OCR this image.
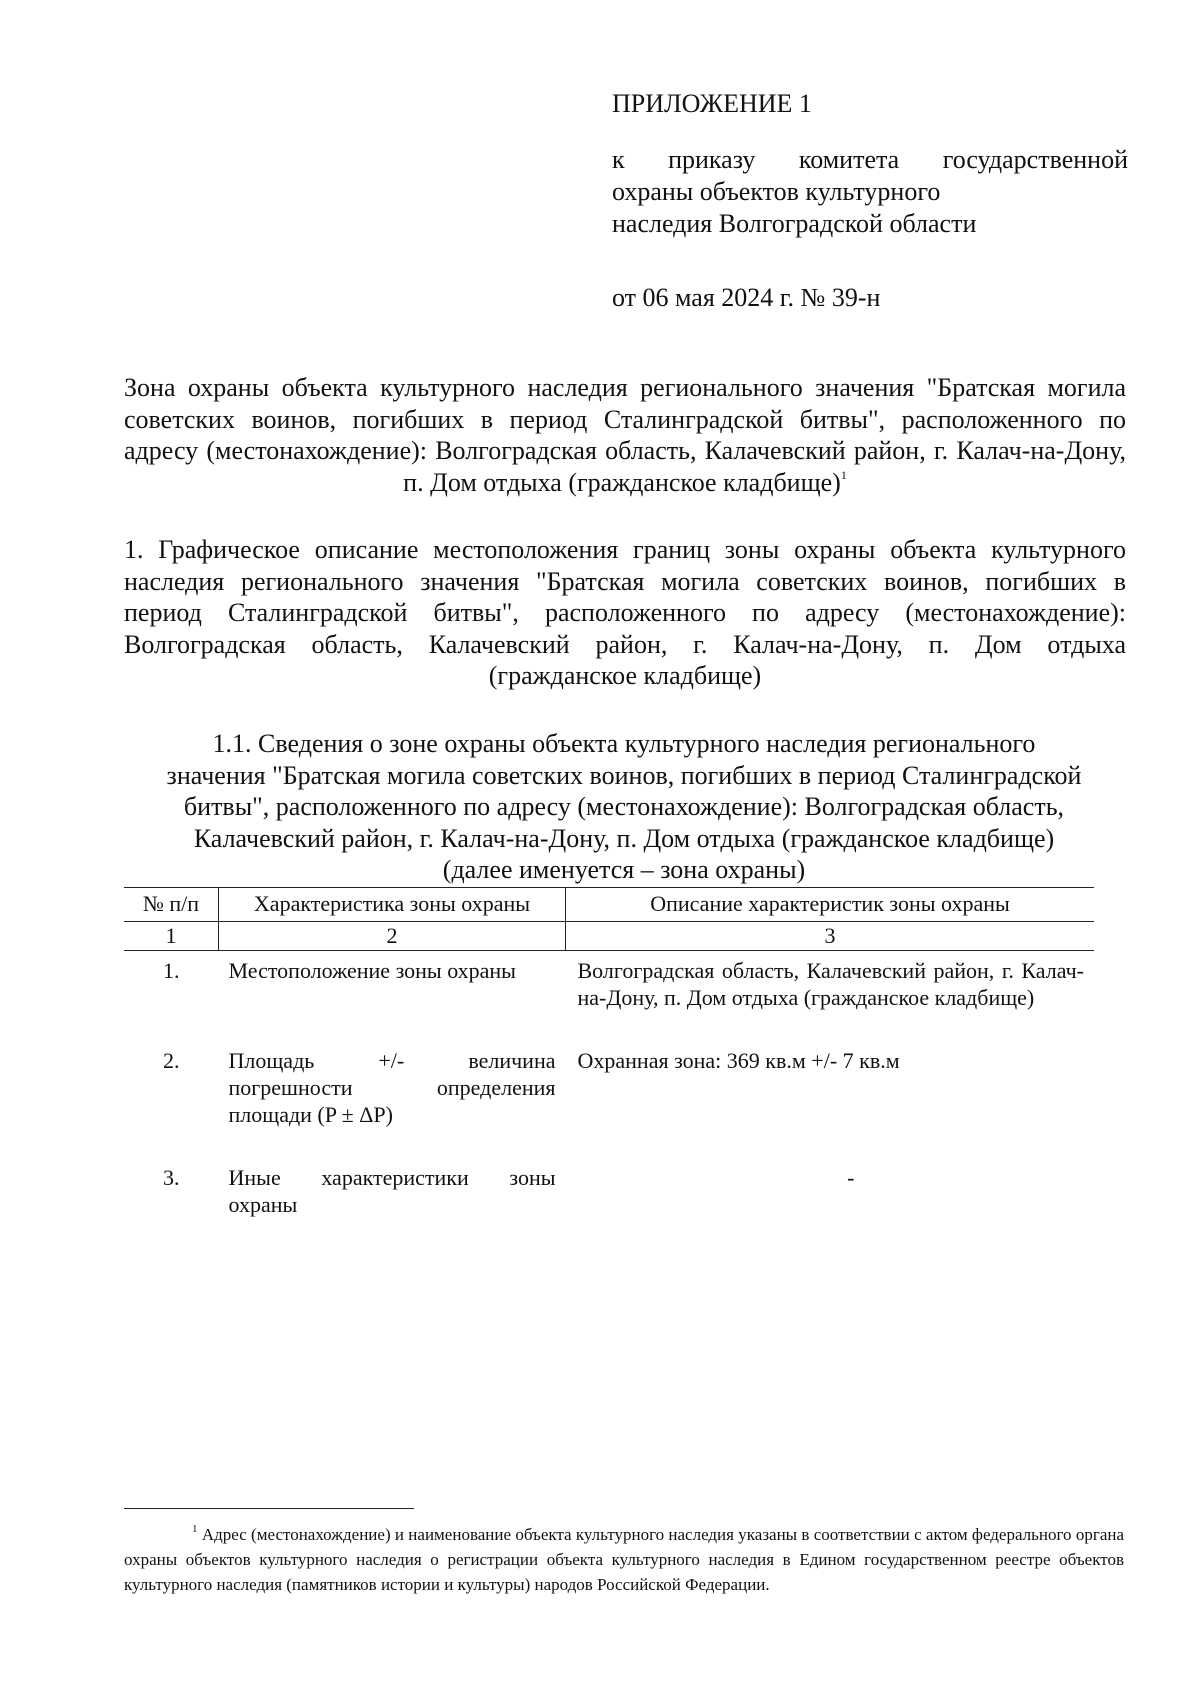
ПРИЛОЖЕНИЕ 1
к приказу комитета государственной
охраны объектов культурного
наследия Волгоградской области
от 06 мая 2024 г. № 39-н
Зона охраны объекта культурного наследия регионального значения "Братская могила советских воинов, погибших в период Сталинградской битвы", расположенного по адресу (местонахождение): Волгоградская область, Калачевский район, г. Калач-на-Дону, п. Дом отдыха (гражданское кладбище)$^1$
1. Графическое описание местоположения границ зоны охраны объекта культурного наследия регионального значения "Братская могила советских воинов, погибших в период Сталинградской битвы", расположенного по адресу (местонахождение): Волгоградская область, Калачевский район, г. Калач-на-Дону, п. Дом отдыха (гражданское кладбище)
1.1. Сведения о зоне охраны объекта культурного наследия регионального
значения "Братская могила советских воинов, погибших в период Сталинградской
битвы", расположенного по адресу (местонахождение): Волгоградская область,
Калачевский район, г. Калач-на-Дону, п. Дом отдыха (гражданское кладбище)
(далее именуется – зона охраны)
№ п/п	Характеристика зоны охраны	Описание характеристик зоны охраны
1	2	3
1.	Местоположение зоны охраны	Волгоградская область, Калачевский район, г. Калач-на-Дону, п. Дом отдыха (гражданское кладбище)
2.	Площадь +/- величина погрешности определения площади (P ± ΔP)	Охранная зона: 369 кв.м +/- 7 кв.м
3.	Иные характеристики зоны охраны	-
$^1$ Адрес (местонахождение) и наименование объекта культурного наследия указаны в соответствии с актом федерального органа охраны объектов культурного наследия о регистрации объекта культурного наследия в Едином государственном реестре объектов культурного наследия (памятников истории и культуры) народов Российской Федерации.
